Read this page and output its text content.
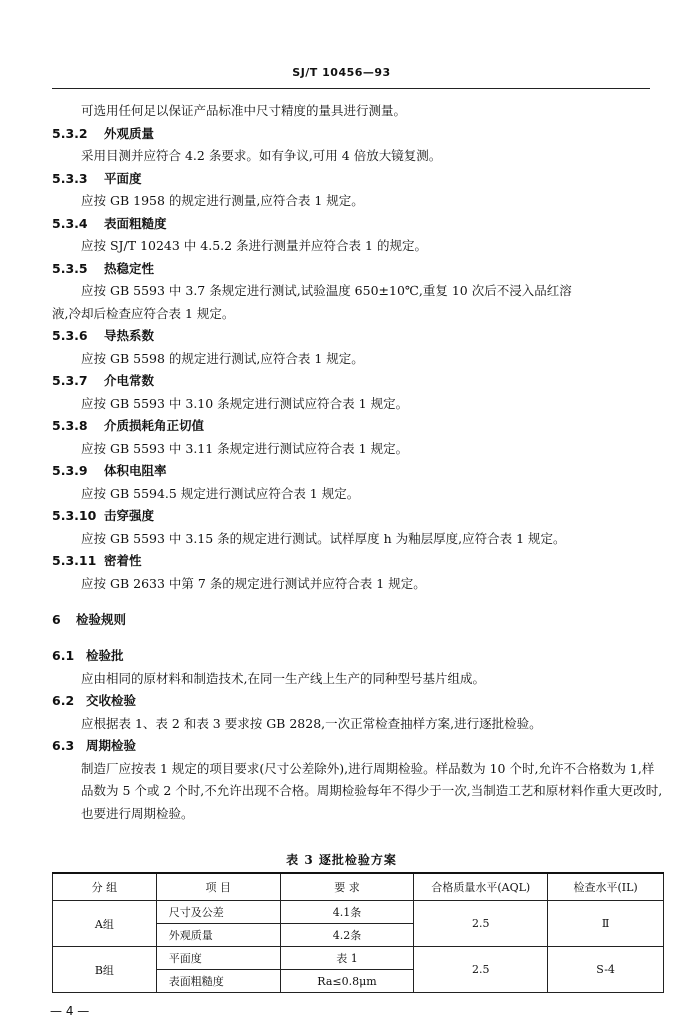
SJ/T 10456—93
可选用任何足以保证产品标准中尺寸精度的量具进行测量。
5.3.2 外观质量
采用目测并应符合 4.2 条要求。如有争议,可用 4 倍放大镜复测。
5.3.3 平面度
应按 GB 1958 的规定进行测量,应符合表 1 规定。
5.3.4 表面粗糙度
应按 SJ/T 10243 中 4.5.2 条进行测量并应符合表 1 的规定。
5.3.5 热稳定性
应按 GB 5593 中 3.7 条规定进行测试,试验温度 650±10℃,重复 10 次后不浸入品红溶
液,冷却后检查应符合表 1 规定。
5.3.6 导热系数
应按 GB 5598 的规定进行测试,应符合表 1 规定。
5.3.7 介电常数
应按 GB 5593 中 3.10 条规定进行测试应符合表 1 规定。
5.3.8 介质损耗角正切值
应按 GB 5593 中 3.11 条规定进行测试应符合表 1 规定。
5.3.9 体积电阻率
应按 GB 5594.5 规定进行测试应符合表 1 规定。
5.3.10 击穿强度
应按 GB 5593 中 3.15 条的规定进行测试。试样厚度 h 为釉层厚度,应符合表 1 规定。
5.3.11 密着性
应按 GB 2633 中第 7 条的规定进行测试并应符合表 1 规定。
6 检验规则
6.1 检验批
应由相同的原材料和制造技术,在同一生产线上生产的同种型号基片组成。
6.2 交收检验
应根据表 1、表 2 和表 3 要求按 GB 2828,一次正常检查抽样方案,进行逐批检验。
6.3 周期检验
制造厂应按表 1 规定的项目要求(尺寸公差除外),进行周期检验。样品数为 10 个时,允许不合格数为 1,样品数为 5 个或 2 个时,不允许出现不合格。周期检验每年不得少于一次,当制造工艺和原材料作重大更改时,也要进行周期检验。
表 3 逐批检验方案
分 组	项 目	要 求	合格质量水平(AQL)	检查水平(IL)
A组	尺寸及公差	4.1条	2.5	Ⅱ
	外观质量	4.2条		
B组	平面度	表 1	2.5	S-4
	表面粗糙度	Ra≤0.8μm		
— 4 —
